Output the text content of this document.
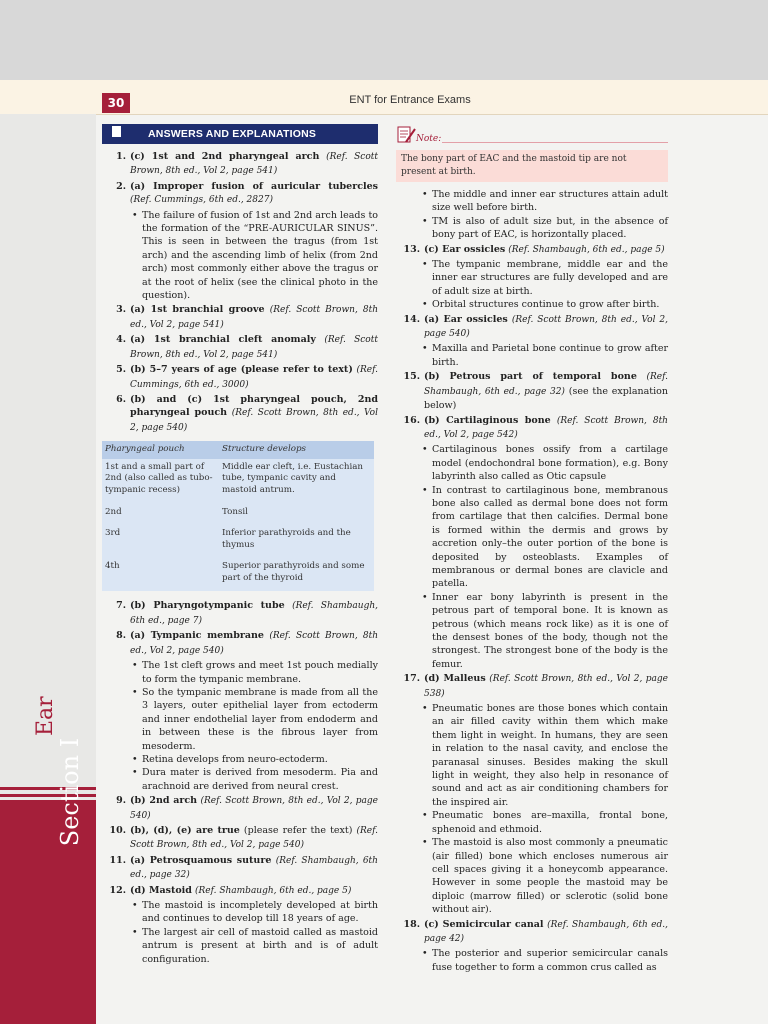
30	ENT for Entrance Exams
Ear
Section I
ANSWERS AND EXPLANATIONS
1. (c) 1st and 2nd pharyngeal arch (Ref. Scott Brown, 8th ed., Vol 2, page 541)
2. (a) Improper fusion of auricular tubercles (Ref. Cummings, 6th ed., 2827)
• The failure of fusion of 1st and 2nd arch leads to the formation of the “PRE-AURICULAR SINUS”. This is seen in between the tragus (from 1st arch) and the ascending limb of helix (from 2nd arch) most commonly either above the tragus or at the root of helix (see the clinical photo in the question).
3. (a) 1st branchial groove (Ref. Scott Brown, 8th ed., Vol 2, page 541)
4. (a) 1st branchial cleft anomaly (Ref. Scott Brown, 8th ed., Vol 2, page 541)
5. (b) 5–7 years of age (please refer to text) (Ref. Cummings, 6th ed., 3000)
6. (b) and (c) 1st pharyngeal pouch, 2nd pharyngeal pouch (Ref. Scott Brown, 8th ed., Vol 2, page 540)
Pharyngeal pouch	Structure develops
1st and a small part of 2nd (also called as tubo-tympanic recess)	Middle ear cleft, i.e. Eustachian tube, tympanic cavity and mastoid antrum.
2nd	Tonsil
3rd	Inferior parathyroids and the thymus
4th	Superior parathyroids and some part of the thyroid
7. (b) Pharyngotympanic tube (Ref. Shambaugh, 6th ed., page 7)
8. (a) Tympanic membrane (Ref. Scott Brown, 8th ed., Vol 2, page 540)
• The 1st cleft grows and meet 1st pouch medially to form the tympanic membrane.
• So the tympanic membrane is made from all the 3 layers, outer epithelial layer from ectoderm and inner endothelial layer from endoderm and in between these is the fibrous layer from mesoderm.
• Retina develops from neuro-ectoderm.
• Dura mater is derived from mesoderm. Pia and arachnoid are derived from neural crest.
9. (b) 2nd arch (Ref. Scott Brown, 8th ed., Vol 2, page 540)
10. (b), (d), (e) are true (please refer the text) (Ref. Scott Brown, 8th ed., Vol 2, page 540)
11. (a) Petrosquamous suture (Ref. Shambaugh, 6th ed., page 32)
12. (d) Mastoid (Ref. Shambaugh, 6th ed., page 5)
• The mastoid is incompletely developed at birth and continues to develop till 18 years of age.
• The largest air cell of mastoid called as mastoid antrum is present at birth and is of adult configuration.
Note:
The bony part of EAC and the mastoid tip are not present at birth.
• The middle and inner ear structures attain adult size well before birth.
• TM is also of adult size but, in the absence of bony part of EAC, is horizontally placed.
13. (c) Ear ossicles (Ref. Shambaugh, 6th ed., page 5)
• The tympanic membrane, middle ear and the inner ear structures are fully developed and are of adult size at birth.
• Orbital structures continue to grow after birth.
14. (a) Ear ossicles (Ref. Scott Brown, 8th ed., Vol 2, page 540)
• Maxilla and Parietal bone continue to grow after birth.
15. (b) Petrous part of temporal bone (Ref. Shambaugh, 6th ed., page 32) (see the explanation below)
16. (b) Cartilaginous bone (Ref. Scott Brown, 8th ed., Vol 2, page 542)
• Cartilaginous bones ossify from a cartilage model (endochondral bone formation), e.g. Bony labyrinth also called as Otic capsule
• In contrast to cartilaginous bone, membranous bone also called as dermal bone does not form from cartilage that then calcifies. Dermal bone is formed within the dermis and grows by accretion only–the outer portion of the bone is deposited by osteoblasts. Examples of membranous or dermal bones are clavicle and patella.
• Inner ear bony labyrinth is present in the petrous part of temporal bone. It is known as petrous (which means rock like) as it is one of the densest bones of the body, though not the strongest. The strongest bone of the body is the femur.
17. (d) Malleus (Ref. Scott Brown, 8th ed., Vol 2, page 538)
• Pneumatic bones are those bones which contain an air filled cavity within them which make them light in weight. In humans, they are seen in relation to the nasal cavity, and enclose the paranasal sinuses. Besides making the skull light in weight, they also help in resonance of sound and act as air conditioning chambers for the inspired air.
• Pneumatic bones are–maxilla, frontal bone, sphenoid and ethmoid.
• The mastoid is also most commonly a pneumatic (air filled) bone which encloses numerous air cell spaces giving it a honeycomb appearance. However in some people the mastoid may be diploic (marrow filled) or sclerotic (solid bone without air).
18. (c) Semicircular canal (Ref. Shambaugh, 6th ed., page 42)
• The posterior and superior semicircular canals fuse together to form a common crus called as
